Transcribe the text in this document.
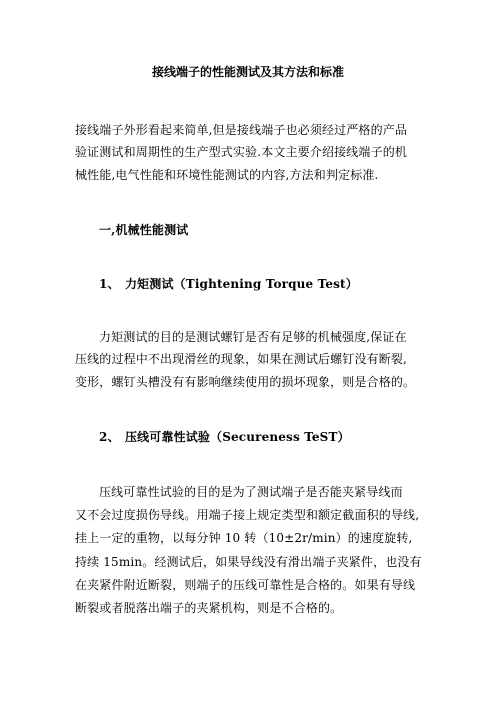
接线端子的性能测试及其方法和标准
接线端子外形看起来简单,但是接线端子也必须经过严格的产品
验证测试和周期性的生产型式实验.本文主要介绍接线端子的机
械性能,电气性能和环境性能测试的内容,方法和判定标准.
一,机械性能测试
1、 力矩测试（Tightening Torque Test）
力矩测试的目的是测试螺钉是否有足够的机械强度,保证在
压线的过程中不出现滑丝的现象，如果在测试后螺钉没有断裂,
变形，螺钉头槽没有有影响继续使用的损坏现象，则是合格的。
2、 压线可靠性试验（Secureness TeST）
压线可靠性试验的目的是为了测试端子是否能夹紧导线而
又不会过度损伤导线。用端子接上规定类型和额定截面积的导线,
挂上一定的重物，以每分钟 10 转（10±2r/min）的速度旋转,
持续 15min。经测试后，如果导线没有滑出端子夹紧件，也没有
在夹紧件附近断裂，则端子的压线可靠性是合格的。如果有导线
断裂或者脱落出端子的夹紧机构，则是不合格的。
